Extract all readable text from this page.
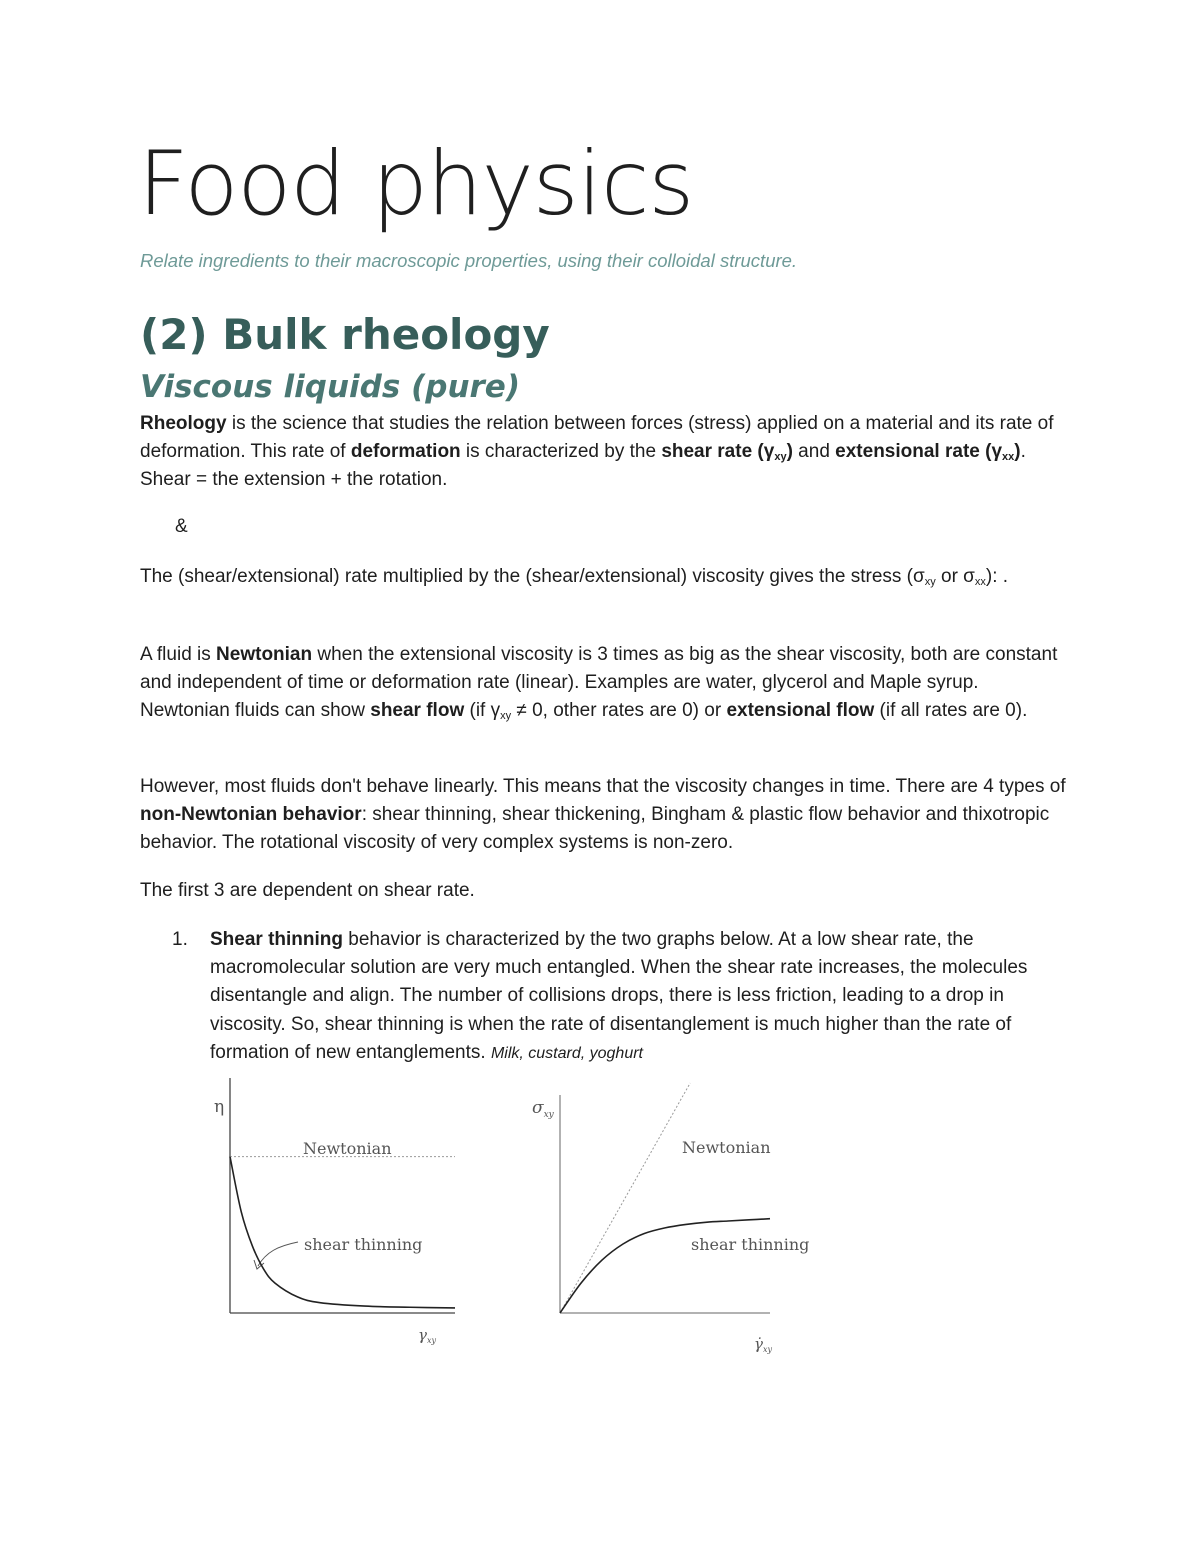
Food physics

Relate ingredients to their macroscopic properties, using their colloidal structure.

(2) Bulk rheology
Viscous liquids (pure)

Rheology is the science that studies the relation between forces (stress) applied on a material and its rate of deformation. This rate of deformation is characterized by the shear rate $(\gamma_{xy})$ and extensional rate $(\gamma_{xx})$. Shear = the extension + the rotation.

&

The (shear/extensional) rate multiplied by the (shear/extensional) viscosity gives the stress ($\sigma_{xy}$ or $\sigma_{xx}$): .

A fluid is Newtonian when the extensional viscosity is 3 times as big as the shear viscosity, both are constant and independent of time or deformation rate (linear). Examples are water, glycerol and Maple syrup. Newtonian fluids can show shear flow (if $\gamma_{xy} \ne 0$, other rates are 0) or extensional flow (if all rates are 0).

However, most fluids don't behave linearly. This means that the viscosity changes in time. There are 4 types of non-Newtonian behavior: shear thinning, shear thickening, Bingham & plastic flow behavior and thixotropic behavior. The rotational viscosity of very complex systems is non-zero.

The first 3 are dependent on shear rate.

1. Shear thinning behavior is characterized by the two graphs below. At a low shear rate, the macromolecular solution are very much entangled. When the shear rate increases, the molecules disentangle and align. The number of collisions drops, there is less friction, leading to a drop in viscosity. So, shear thinning is when the rate of disentanglement is much higher than the rate of formation of new entanglements. Milk, custard, yoghurt

η
$\gamma_{xy}$
Newtonian
shear thinning
$\sigma_{xy}$
$\gammȧ_{xy}$
Newtonian
shear thinning
